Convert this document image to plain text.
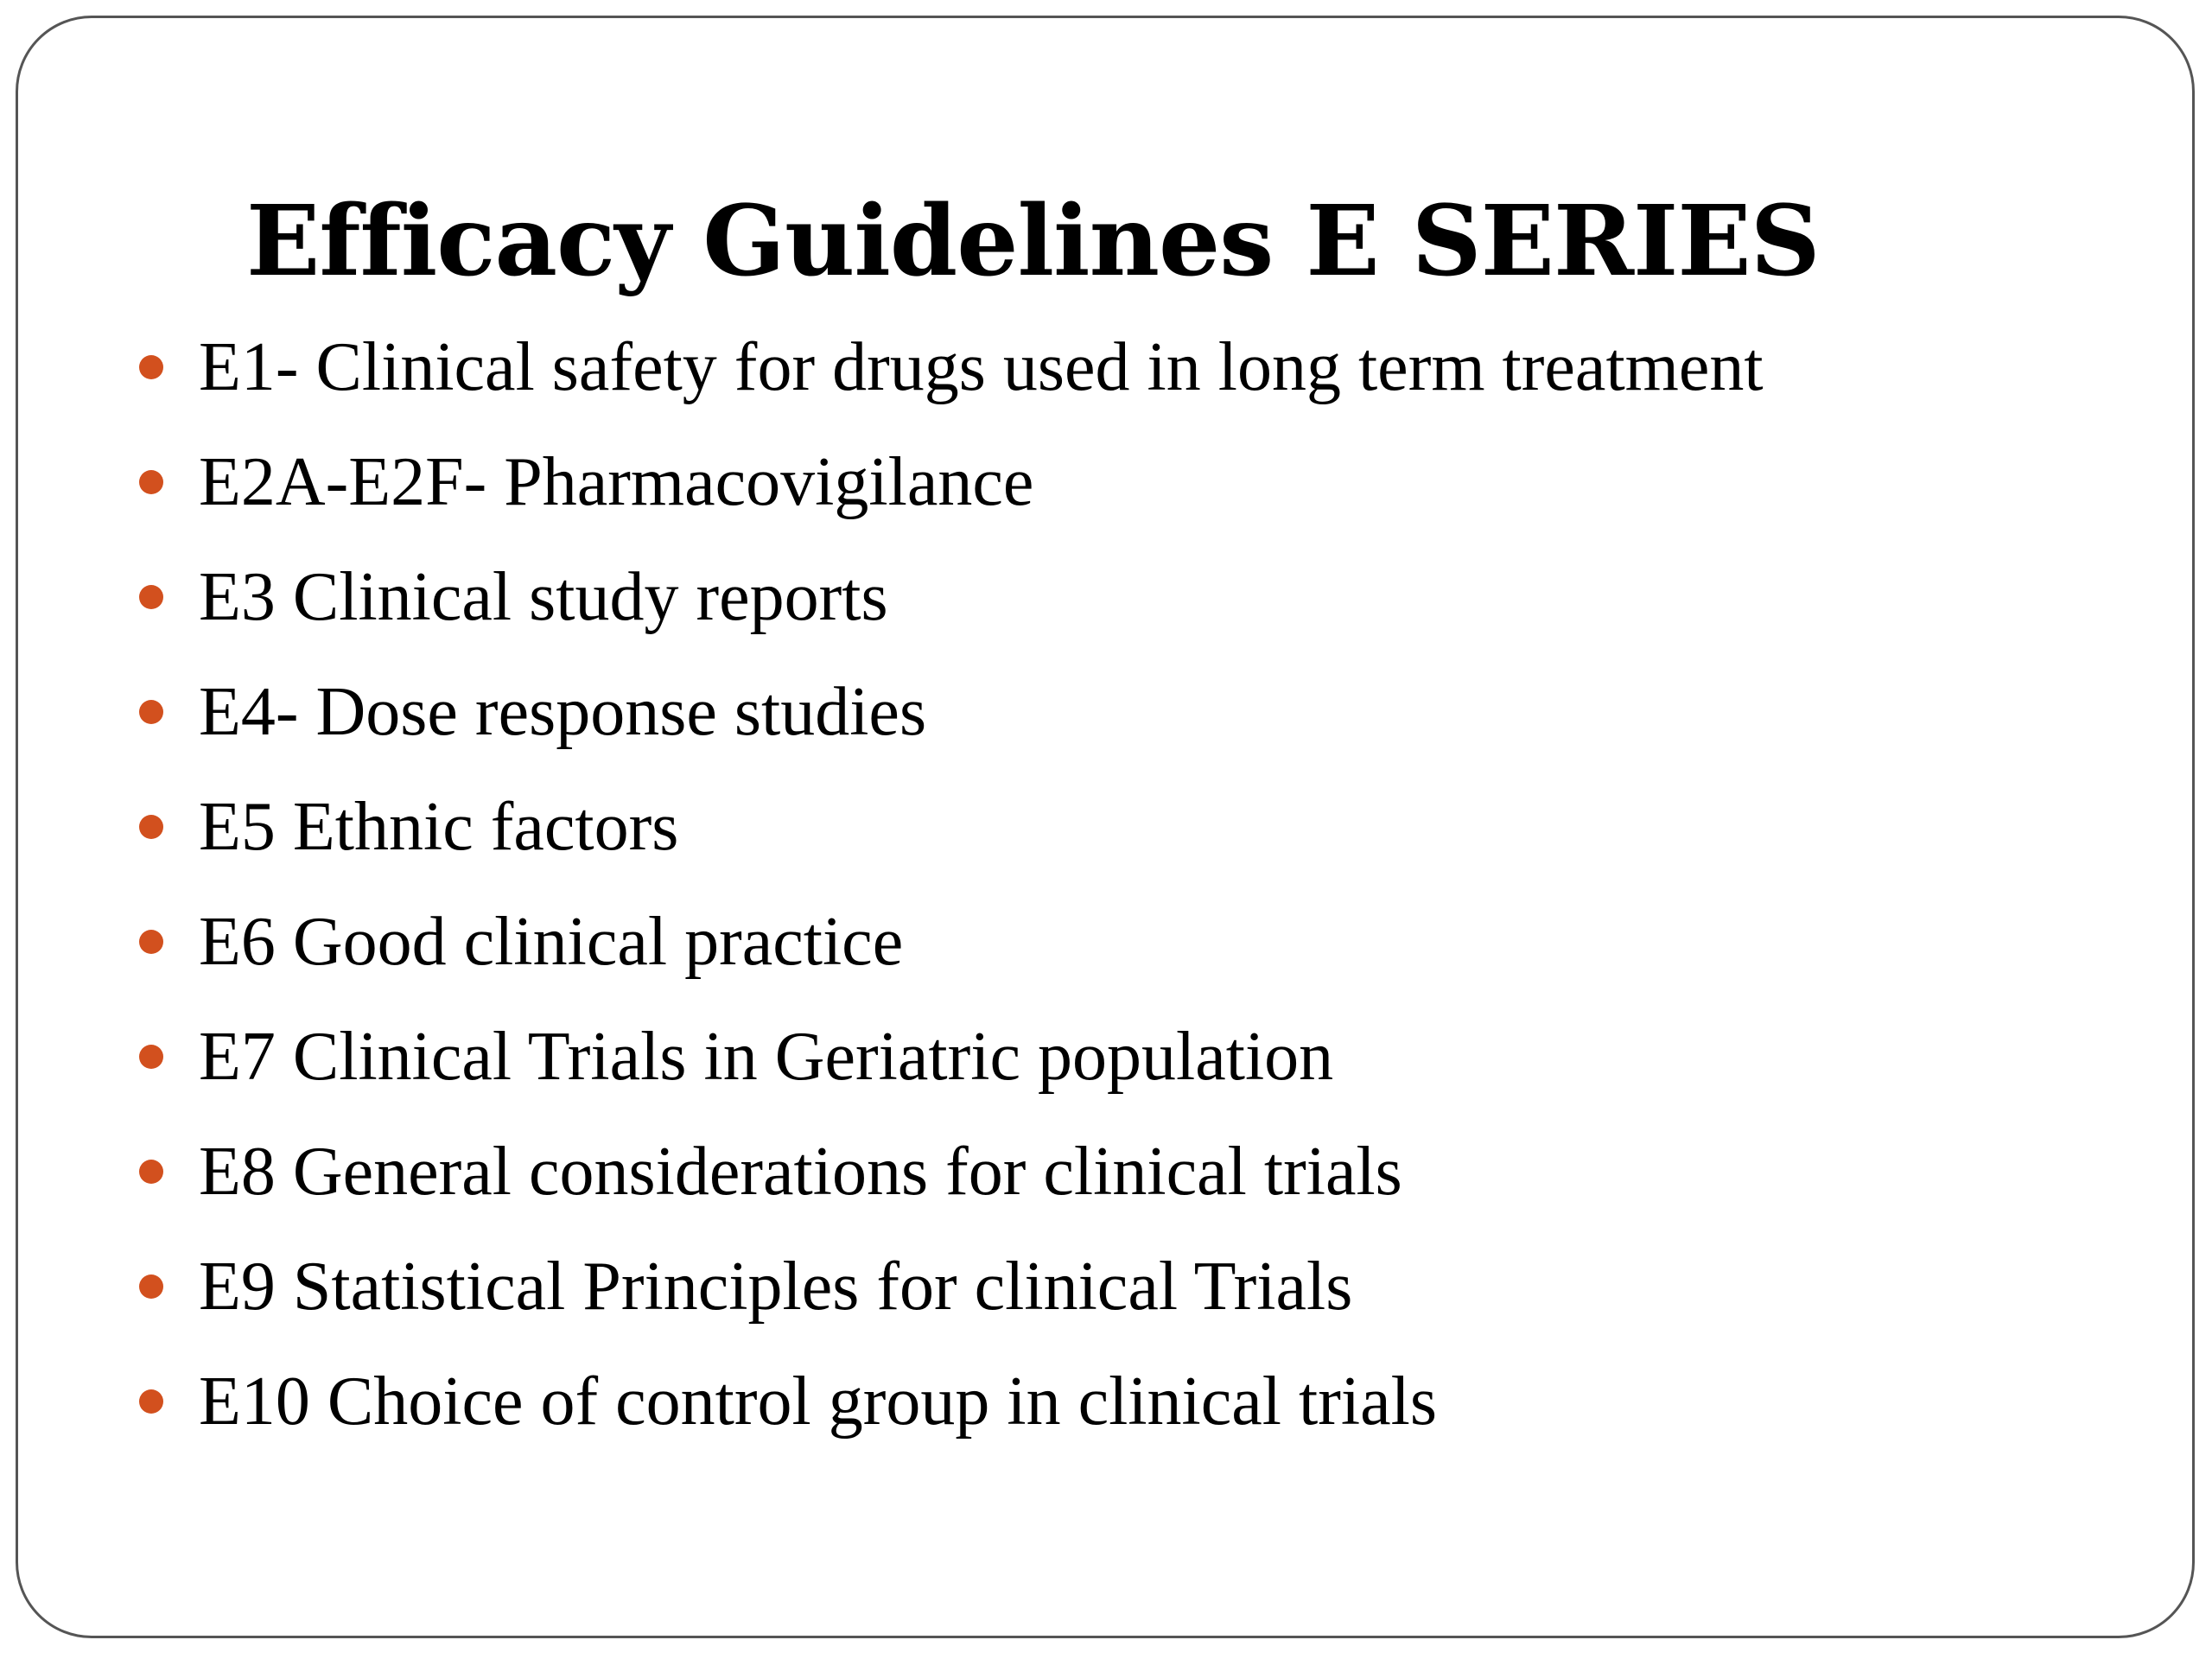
Efficacy Guidelines E SERIES
E1- Clinical safety for drugs used in long term treatment
E2A-E2F- Pharmacovigilance
E3 Clinical study reports
E4- Dose response studies
E5 Ethnic factors
E6 Good clinical practice
E7 Clinical Trials in Geriatric population
E8 General considerations for clinical trials
E9 Statistical Principles for clinical Trials
E10 Choice of control group in clinical trials
